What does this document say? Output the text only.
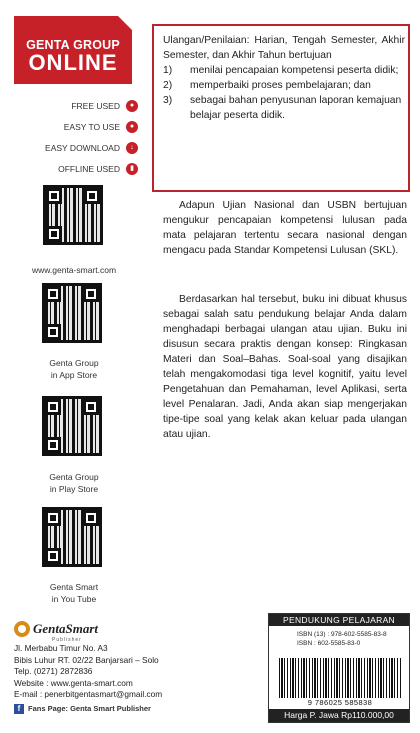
GENTA GROUP
ONLINE
FREE USED	●
EASY TO USE	●
EASY DOWNLOAD	↓
OFFLINE USED	▮
www.genta-smart.com
Genta Group
in App Store
Genta Group
in Play Store
Genta Smart
in You Tube
GentaSmart
Publisher
Jl. Merbabu Timur No. A3
Bibis Luhur RT. 02/22 Banjarsari – Solo
Telp. (0271) 2872836
Website : www.genta-smart.com
E-mail : penerbitgentasmart@gmail.com
f	Fans Page: Genta Smart Publisher
Ulangan/Penilaian: Harian, Tengah Semester, Akhir Semester, dan Akhir Tahun bertujuan
1)	menilai pencapaian kompetensi peserta didik;
2)	memperbaiki proses pembelajaran; dan
3)	sebagai bahan penyusunan laporan kemajuan belajar peserta didik.
Adapun Ujian Nasional dan USBN bertujuan mengukur pencapaian kompetensi lulusan pada mata pelajaran tertentu secara nasional dengan mengacu pada Standar Kompetensi Lulusan (SKL).
Berdasarkan hal tersebut, buku ini dibuat khusus sebagai salah satu pendukung belajar Anda dalam menghadapi berbagai ulangan atau ujian. Buku ini disusun secara praktis dengan konsep: Ringkasan Materi dan Soal–Bahas. Soal-soal yang disajikan telah mengakomodasi tiga level kognitif, yaitu level Pengetahuan dan Pemahaman, level Aplikasi, serta level Penalaran. Jadi, Anda akan siap mengerjakan tipe-tipe soal yang kelak akan keluar pada ulangan atau ujian.
PENDUKUNG PELAJARAN
ISBN (13) : 978-602-5585-83-8
ISBN : 602-5585-83-0
9 786025 585838
Harga P. Jawa Rp110.000,00
